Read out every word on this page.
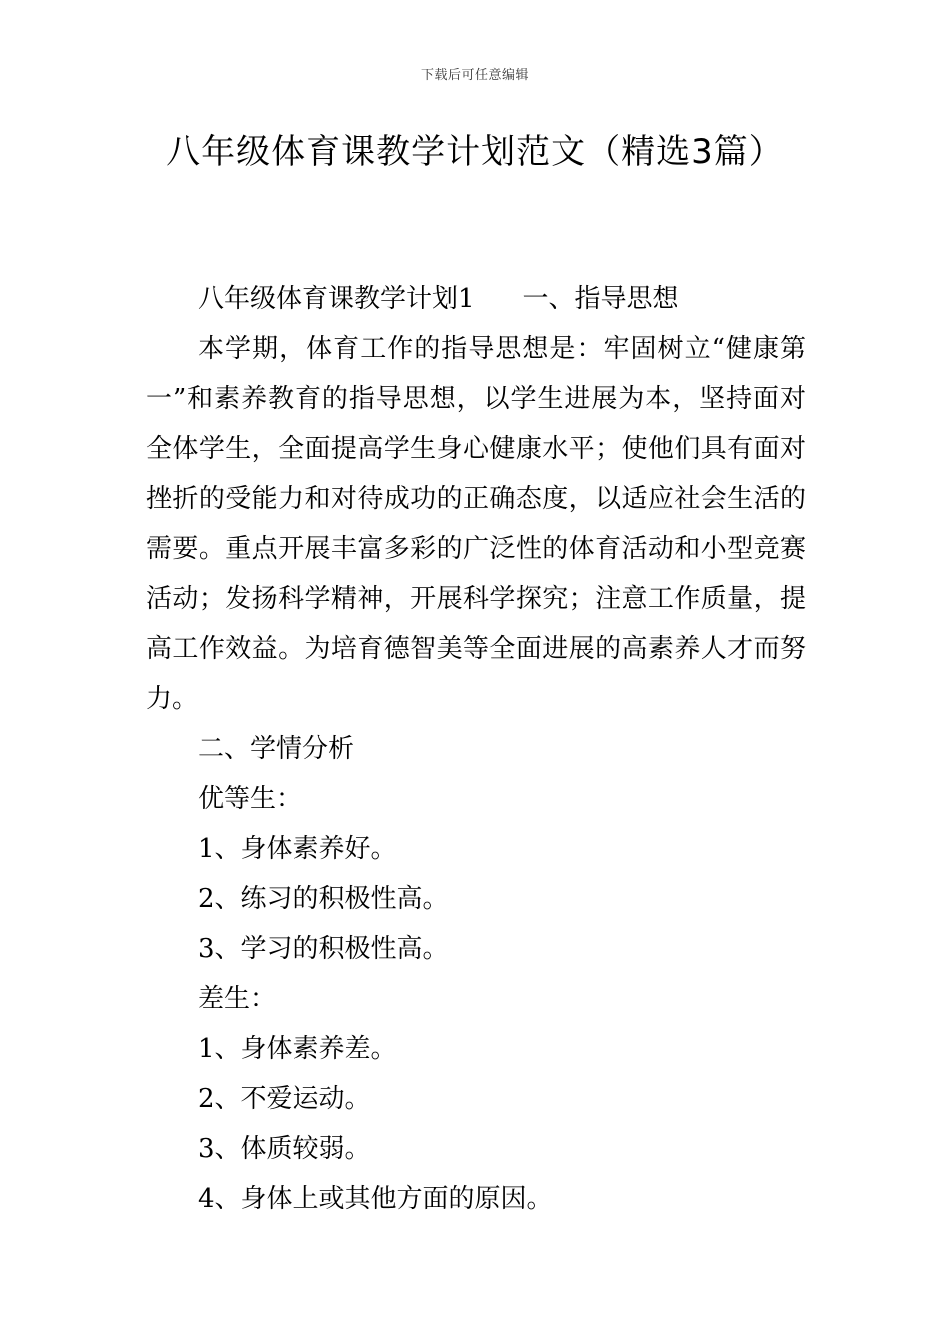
下载后可任意编辑
八年级体育课教学计划范文（精选3篇）

八年级体育课教学计划1 一、指导思想

本学期，体育工作的指导思想是：牢固树立“健康第一”和素养教育的指导思想，以学生进展为本，坚持面对全体学生，全面提高学生身心健康水平；使他们具有面对挫折的受能力和对待成功的正确态度，以适应社会生活的需要。重点开展丰富多彩的广泛性的体育活动和小型竞赛活动；发扬科学精神，开展科学探究；注意工作质量，提高工作效益。为培育德智美等全面进展的高素养人才而努力。

二、学情分析

优等生：

1、身体素养好。

2、练习的积极性高。

3、学习的积极性高。

差生：

1、身体素养差。

2、不爱运动。

3、体质较弱。

4、身体上或其他方面的原因。
